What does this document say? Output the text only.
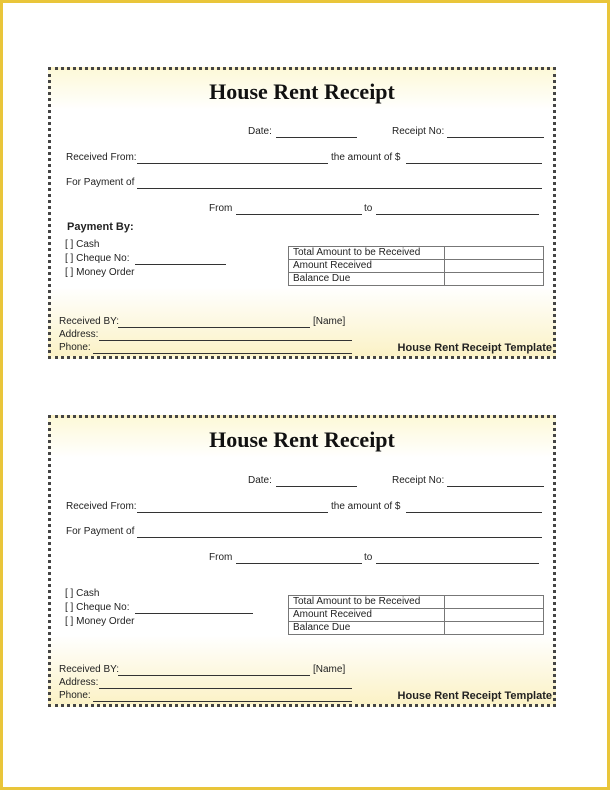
House Rent Receipt
Date:	Receipt No:
Received From:	the amount of $
For Payment of
From	to
Payment By:
[ ] Cash
[ ] Cheque No:
[ ] Money Order
Total Amount to be Received	
Amount Received	
Balance Due	
Received BY:	[Name]
Address:
Phone:	House Rent Receipt Template
House Rent Receipt
Date:	Receipt No:
Received From:	the amount of $
For Payment of
From	to
[ ] Cash
[ ] Cheque No:
[ ] Money Order
Total Amount to be Received	
Amount Received	
Balance Due	
Received BY:	[Name]
Address:
Phone:	House Rent Receipt Template
